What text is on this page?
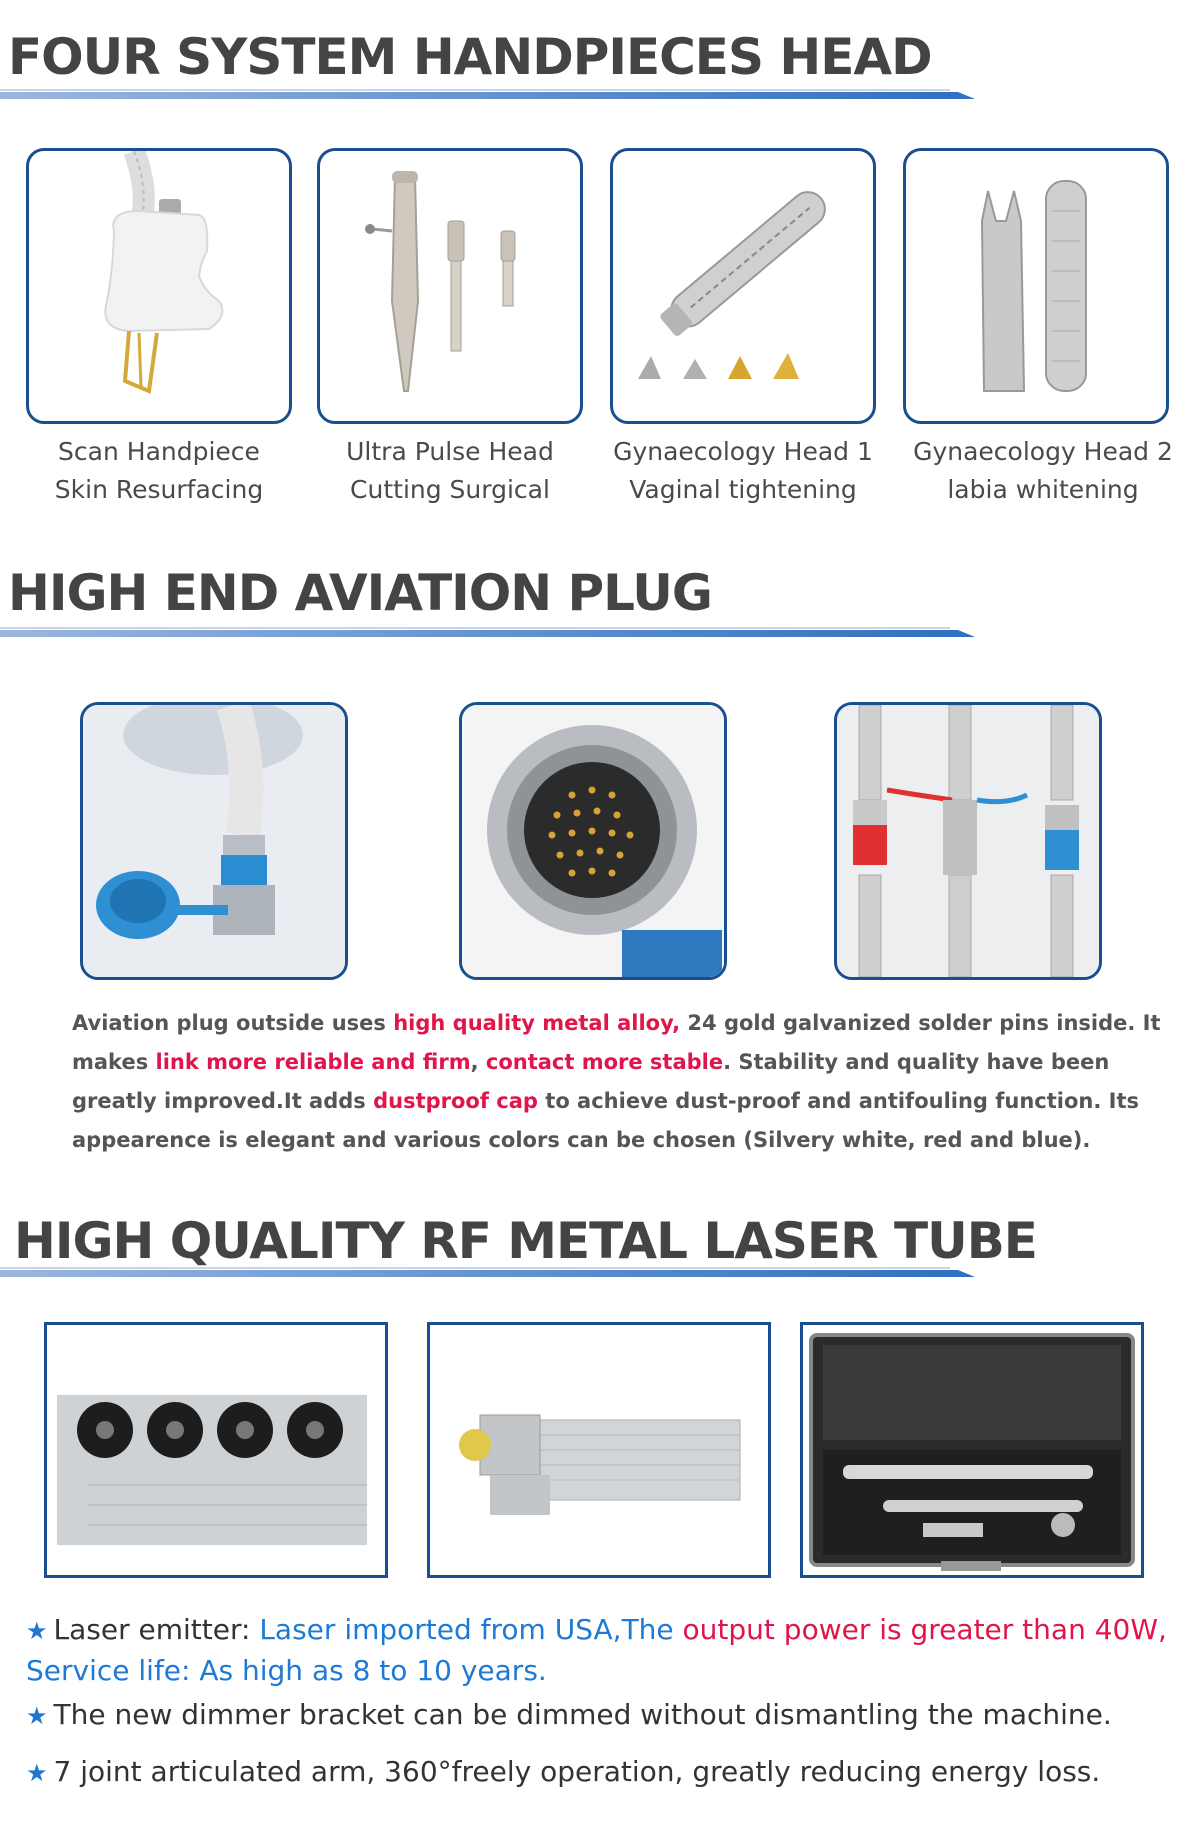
FOUR SYSTEM HANDPIECES HEAD
Scan Handpiece
Skin Resurfacing
Ultra Pulse Head
Cutting Surgical
Gynaecology Head 1
Vaginal tightening
Gynaecology Head 2
labia whitening
HIGH END AVIATION PLUG
Aviation plug outside uses high quality metal alloy, 24 gold galvanized solder pins inside. It makes link more reliable and firm, contact more stable. Stability and quality have been greatly improved.It adds dustproof cap to achieve dust-proof and antifouling function. Its appearence is elegant and various colors can be chosen (Silvery white, red and blue).
HIGH QUALITY RF METAL LASER TUBE
★ Laser emitter: Laser imported from USA,The output power is greater than 40W, Service life: As high as 8 to 10 years.
★ The new dimmer bracket can be dimmed without dismantling the machine.
★ 7 joint articulated arm, 360°freely operation, greatly reducing energy loss.
